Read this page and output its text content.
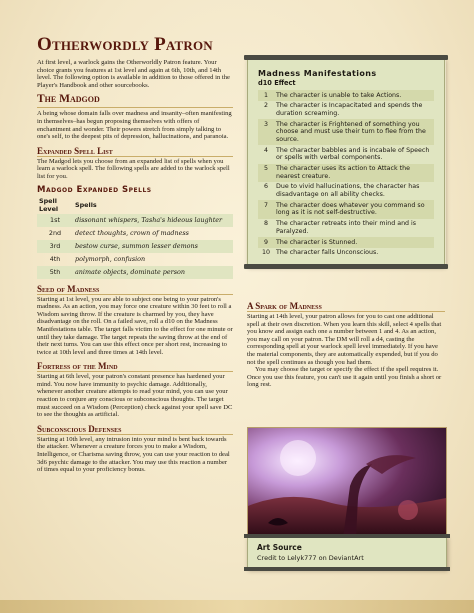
Otherwordly Patron

At first level, a warlock gains the Otherworldly Patron feature. Your choice grants you features at 1st level and again at 6th, 10th, and 14th level. The following option is available in addition to those offered in the Player's Handbook and other sourcebooks.

The Madgod

A being whose domain falls over madness and insanity–often manifesting in themselves–has begun proposing themselves with offers of enchantment and wonder. Their powers stretch from simply talking to one's self, to the deepest pits of depression, hallucinations, and paranoia.

Expanded Spell List

The Madgod lets you choose from an expanded list of spells when you learn a warlock spell. The following spells are added to the warlock spell list for you.

Madgod Expanded Spells
Spell Level	Spells
1st	dissonant whispers, Tasha's hideous laughter
2nd	detect thoughts, crown of madness
3rd	bestow curse, summon lesser demons
4th	polymorph, confusion
5th	animate objects, dominate person
Seed of Madness

Starting at 1st level, you are able to subject one being to your patron's madness. As an action, you may force one creature within 30 feet to roll a Wisdom saving throw. If the creature is charmed by you, they have disadvantage on the roll. On a failed save, roll a d10 on the Madness Manifestations table. The target falls victim to the effect for one minute or until they take damage. The target repeats the saving throw at the end of their next turns. You can use this effect once per short rest, increasing to twice at 10th level and three times at 14th level.

Fortress of the Mind

Starting at 6th level, your patron's constant presence has hardened your mind. You now have immunity to psychic damage. Additionally, whenever another creature attempts to read your mind, you can use your reaction to conjure any conscious or subconscious thoughts. The target must succeed on a Wisdom (Perception) check against your spell save DC to see the thoughts as artificial.

Subconscious Defenses

Starting at 10th level, any intrusion into your mind is bent back towards the attacker. Whenever a creature forces you to make a Wisdom, Intelligence, or Charisma saving throw, you can use your reaction to deal 3d6 psychic damage to the attacker. You may use this reaction a number of times equal to your proficiency bonus.

Madness Manifestations
d10 Effect
1	The character is unable to take Actions.
2	The character is Incapacitated and spends the duration screaming.
3	The character is Frightened of something you choose and must use their turn to flee from the source.
4	The character babbles and is incabale of Speech or spells with verbal components.
5	The character uses its action to Attack the nearest creature.
6	Due to vivid hallucinations, the character has disadvantage on all ability checks.
7	The character does whatever you command so long as it is not self-destructive.
8	The character retreats into their mind and is Paralyzed.
9	The character is Stunned.
10	The character falls Unconscious.
A Spark of Madness

Starting at 14th level, your patron allows for you to cast one additional spell at their own discretion. When you learn this skill, select 4 spells that you know and assign each one a number between 1 and 4. As an action, you may call on your patron. The DM will roll a d4, casting the corresponding spell at your warlock spell level immediately. If you have the material components, they are automatically expended, but if you do not the spell continues as though you had them.

You may choose the target or specify the effect if the spell requires it. Once you use this feature, you can't use it again until you finish a short or long rest.

Art Source
Credit to Lelyk777 on DeviantArt
